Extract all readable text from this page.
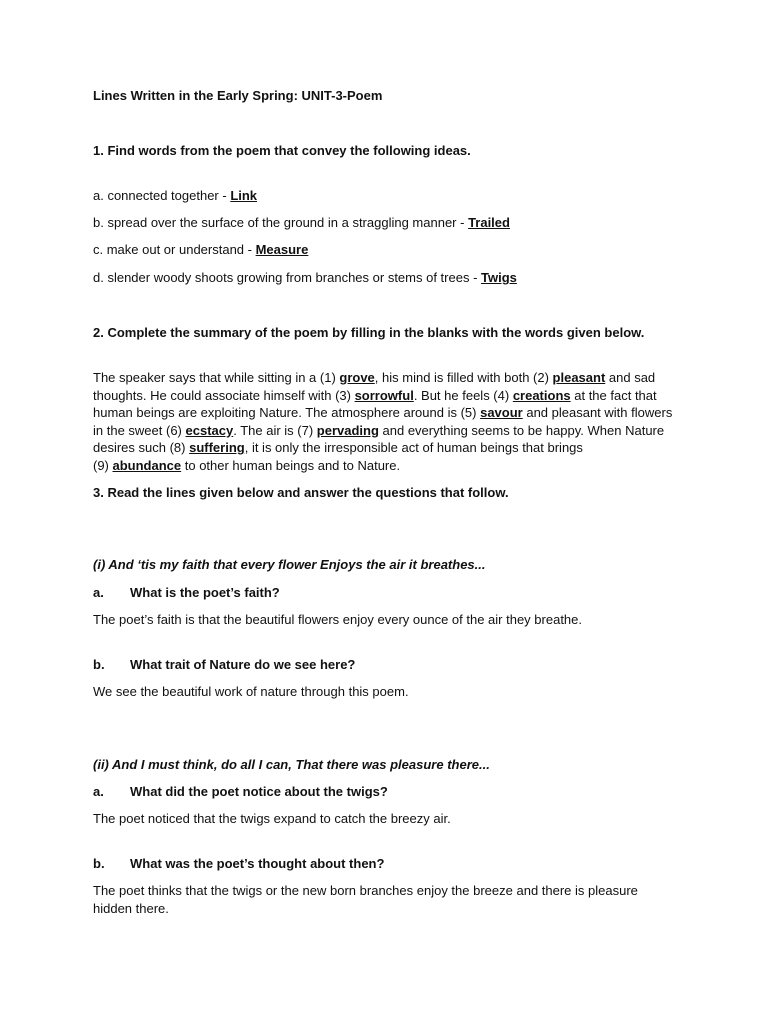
Lines Written in the Early Spring: UNIT-3-Poem
1. Find words from the poem that convey the following ideas.
a. connected together - Link
b. spread over the surface of the ground in a straggling manner - Trailed
c. make out or understand - Measure
d. slender woody shoots growing from branches or stems of trees - Twigs
2. Complete the summary of the poem by filling in the blanks with the words given below.
The speaker says that while sitting in a (1) grove, his mind is filled with both (2) pleasant and sad
thoughts. He could associate himself with (3) sorrowful. But he feels (4) creations at the fact that
human beings are exploiting Nature. The atmosphere around is (5) savour and pleasant with flowers
in the sweet (6) ecstacy. The air is (7) pervading and everything seems to be happy. When Nature
desires such (8) suffering, it is only the irresponsible act of human beings that brings
(9) abundance to other human beings and to Nature.
3. Read the lines given below and answer the questions that follow.
(i) And ‘tis my faith that every flower Enjoys the air it breathes...
a. What is the poet’s faith?
The poet’s faith is that the beautiful flowers enjoy every ounce of the air they breathe.
b. What trait of Nature do we see here?
We see the beautiful work of nature through this poem.
(ii) And I must think, do all I can, That there was pleasure there...
a. What did the poet notice about the twigs?
The poet noticed that the twigs expand to catch the breezy air.
b. What was the poet’s thought about then?
The poet thinks that the twigs or the new born branches enjoy the breeze and there is pleasure
hidden there.
